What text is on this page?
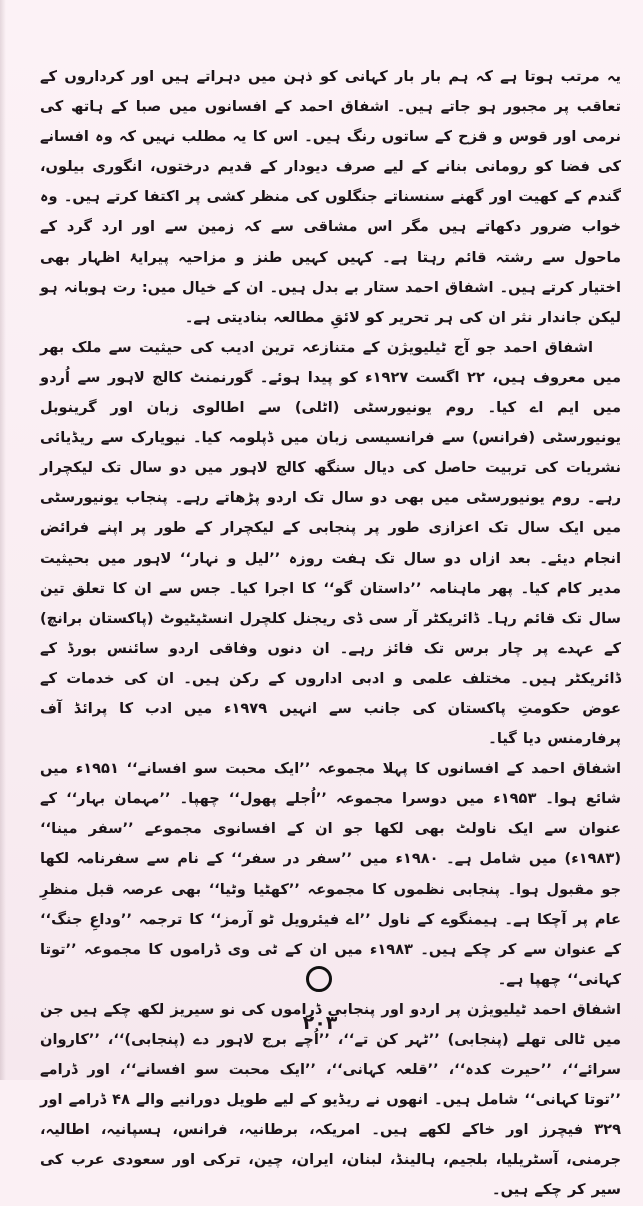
یہ مرتب ہوتا ہے کہ ہم بار بار کہانی کو ذہن میں دہراتے ہیں اور کرداروں کے تعاقب پر مجبور ہو جاتے ہیں۔ اشفاق احمد کے افسانوں میں صبا کے ہاتھ کی نرمی اور قوس و قزح کے ساتوں رنگ ہیں۔ اس کا یہ مطلب نہیں کہ وہ افسانے کی فضا کو رومانی بنانے کے لیے صرف دیودار کے قدیم درختوں، انگوری بیلوں، گندم کے کھیت اور گھنے سنسناتے جنگلوں کی منظر کشی پر اکتفا کرتے ہیں۔ وہ خواب ضرور دکھاتے ہیں مگر اس مشاقی سے کہ زمین سے اور ارد گرد کے ماحول سے رشتہ قائم رہتا ہے۔ کہیں کہیں طنز و مزاحیہ پیرایۂ اظہار بھی اختیار کرتے ہیں۔ اشفاق احمد ستار بے بدل ہیں۔ ان کے خیال میں: رت ہوبانہ ہو لیکن جاندار نثر ان کی ہر تحریر کو لائقِ مطالعہ بنادیتی ہے۔

اشفاق احمد جو آج ٹیلیویژن کے متنازعہ ترین ادیب کی حیثیت سے ملک بھر میں معروف ہیں، ۲۲ اگست ۱۹۲۷ء کو پیدا ہوئے۔ گورنمنٹ کالج لاہور سے اُردو میں ایم اے کیا۔ روم یونیورسٹی (اٹلی) سے اطالوی زبان اور گرینوبل یونیورسٹی (فرانس) سے فرانسیسی زبان میں ڈپلومہ کیا۔ نیویارک سے ریڈیائی نشریات کی تربیت حاصل کی دیال سنگھ کالج لاہور میں دو سال تک لیکچرار رہے۔ روم یونیورسٹی میں بھی دو سال تک اردو پڑھاتے رہے۔ پنجاب یونیورسٹی میں ایک سال تک اعزازی طور پر پنجابی کے لیکچرار کے طور پر اپنے فرائض انجام دیئے۔ بعد ازاں دو سال تک ہفت روزہ ’’لیل و نہار‘‘ لاہور میں بحیثیت مدیر کام کیا۔ پھر ماہنامہ ’’داستان گو‘‘ کا اجرا کیا۔ جس سے ان کا تعلق تین سال تک قائم رہا۔ ڈائریکٹر آر سی ڈی ریجنل کلچرل انسٹیٹیوٹ (پاکستان برانچ) کے عہدے پر چار برس تک فائز رہے۔ ان دنوں وفاقی اردو سائنس بورڈ کے ڈائریکٹر ہیں۔ مختلف علمی و ادبی اداروں کے رکن ہیں۔ ان کی خدمات کے عوض حکومتِ پاکستان کی جانب سے انہیں ۱۹۷۹ء میں ادب کا پرائڈ آف پرفارمنس دیا گیا۔

اشفاق احمد کے افسانوں کا پہلا مجموعہ ’’ایک محبت سو افسانے‘‘ ۱۹۵۱ء میں شائع ہوا۔ ۱۹۵۳ء میں دوسرا مجموعہ ’’اُجلے پھول‘‘ چھپا۔ ’’مہمان بہار‘‘ کے عنوان سے ایک ناولٹ بھی لکھا جو ان کے افسانوی مجموعے ’’سفر مینا‘‘ (۱۹۸۳ء) میں شامل ہے۔ ۱۹۸۰ء میں ’’سفر در سفر‘‘ کے نام سے سفرنامہ لکھا جو مقبول ہوا۔ پنجابی نظموں کا مجموعہ ’’کھٹیا وٹیا‘‘ بھی عرصہ قبل منظرِ عام پر آچکا ہے۔ ہیمنگوے کے ناول ’’اے فیئرویل ٹو آرمز‘‘ کا ترجمہ ’’وداعِ جنگ‘‘ کے عنوان سے کر چکے ہیں۔ ۱۹۸۳ء میں ان کے ٹی وی ڈراموں کا مجموعہ ’’توتا کہانی‘‘ چھپا ہے۔

اشفاق احمد ٹیلیویژن پر اردو اور پنجابی ڈراموں کی نو سیریز لکھ چکے ہیں جن میں ٹالی تھلے (پنجابی) ’’ٹہر کن تے‘‘، ’’اُچے برج لاہور دے (پنجابی)‘‘، ’’کاروان سرائے‘‘، ’’حیرت کدہ‘‘، ’’قلعہ کہانی‘‘، ’’ایک محبت سو افسانے‘‘، اور ڈرامے ’’توتا کہانی‘‘ شامل ہیں۔ انھوں نے ریڈیو کے لیے طویل دورانیے والے ۴۸ ڈرامے اور ۳۲۹ فیچرز اور خاکے لکھے ہیں۔ امریکہ، برطانیہ، فرانس، ہسپانیہ، اطالیہ، جرمنی، آسٹریلیا، بلجیم، ہالینڈ، لبنان، ایران، چین، ترکی اور سعودی عرب کی سیر کر چکے ہیں۔

۲۰۳
